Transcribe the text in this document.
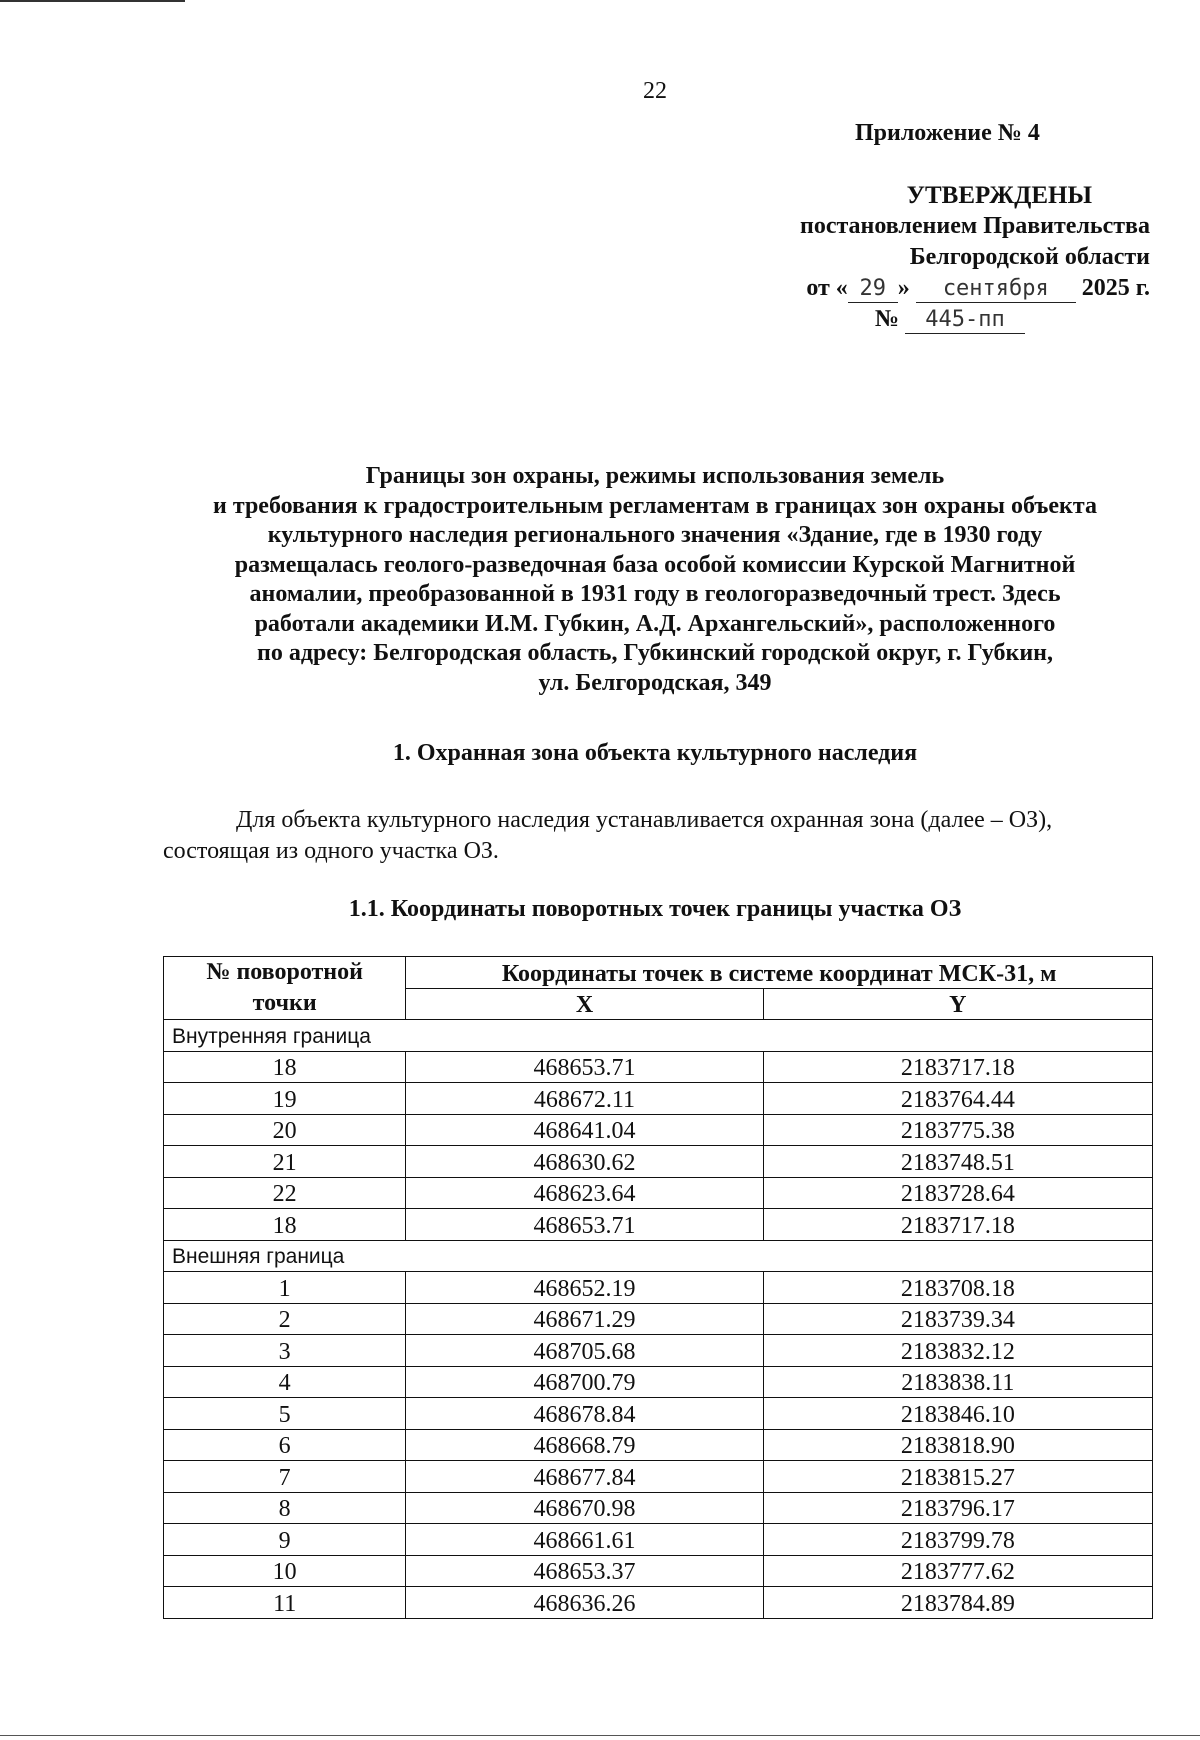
22
Приложение № 4
УТВЕРЖДЕНЫ
постановлением Правительства
Белгородской области
от « 29 » сентября 2025 г.
№ 445-пп
Границы зон охраны, режимы использования земель
и требования к градостроительным регламентам в границах зон охраны объекта
культурного наследия регионального значения «Здание, где в 1930 году
размещалась геолого-разведочная база особой комиссии Курской Магнитной
аномалии, преобразованной в 1931 году в геологоразведочный трест. Здесь
работали академики И.М. Губкин, А.Д. Архангельский», расположенного
по адресу: Белгородская область, Губкинский городской округ, г. Губкин,
ул. Белгородская, 349
1. Охранная зона объекта культурного наследия
Для объекта культурного наследия устанавливается охранная зона (далее – ОЗ), состоящая из одного участка ОЗ.
1.1. Координаты поворотных точек границы участка ОЗ
№ поворотной
точки	Координаты точек в системе координат МСК-31, м	
	X	Y
Внутренняя граница		
18	468653.71	2183717.18
19	468672.11	2183764.44
20	468641.04	2183775.38
21	468630.62	2183748.51
22	468623.64	2183728.64
18	468653.71	2183717.18
Внешняя граница		
1	468652.19	2183708.18
2	468671.29	2183739.34
3	468705.68	2183832.12
4	468700.79	2183838.11
5	468678.84	2183846.10
6	468668.79	2183818.90
7	468677.84	2183815.27
8	468670.98	2183796.17
9	468661.61	2183799.78
10	468653.37	2183777.62
11	468636.26	2183784.89
